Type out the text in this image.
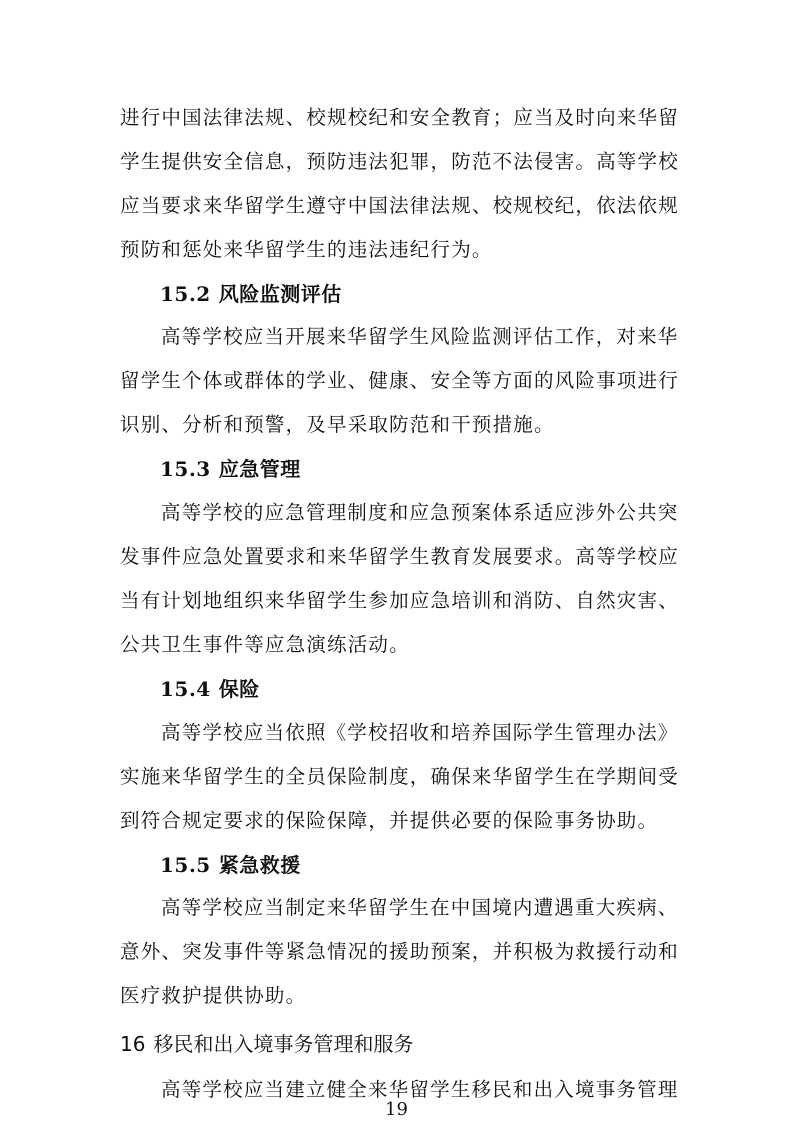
进行中国法律法规、校规校纪和安全教育；应当及时向来华留
学生提供安全信息，预防违法犯罪，防范不法侵害。高等学校
应当要求来华留学生遵守中国法律法规、校规校纪，依法依规
预防和惩处来华留学生的违法违纪行为。
15.2 风险监测评估
高等学校应当开展来华留学生风险监测评估工作，对来华
留学生个体或群体的学业、健康、安全等方面的风险事项进行
识别、分析和预警，及早采取防范和干预措施。
15.3 应急管理
高等学校的应急管理制度和应急预案体系适应涉外公共突
发事件应急处置要求和来华留学生教育发展要求。高等学校应
当有计划地组织来华留学生参加应急培训和消防、自然灾害、
公共卫生事件等应急演练活动。
15.4 保险
高等学校应当依照《学校招收和培养国际学生管理办法》
实施来华留学生的全员保险制度，确保来华留学生在学期间受
到符合规定要求的保险保障，并提供必要的保险事务协助。
15.5 紧急救援
高等学校应当制定来华留学生在中国境内遭遇重大疾病、
意外、突发事件等紧急情况的援助预案，并积极为救援行动和
医疗救护提供协助。
16 移民和出入境事务管理和服务
高等学校应当建立健全来华留学生移民和出入境事务管理
19
